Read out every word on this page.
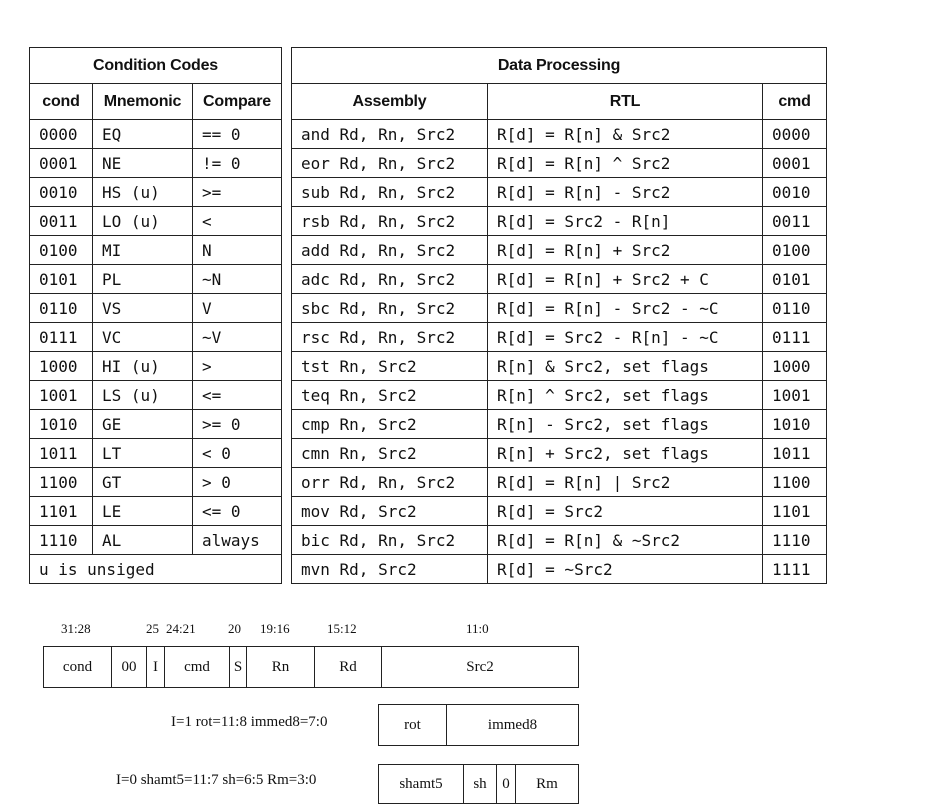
Condition Codes		
cond	Mnemonic	Compare
0000	EQ	== 0
0001	NE	!= 0
0010	HS (u)	>=
0011	LO (u)	<
0100	MI	N
0101	PL	~N
0110	VS	V
0111	VC	~V
1000	HI (u)	>
1001	LS (u)	<=
1010	GE	>= 0
1011	LT	< 0
1100	GT	> 0
1101	LE	<= 0
1110	AL	always
u is unsiged		
Data Processing		
Assembly	RTL	cmd
and Rd, Rn, Src2	R[d] = R[n] & Src2	0000
eor Rd, Rn, Src2	R[d] = R[n] ^ Src2	0001
sub Rd, Rn, Src2	R[d] = R[n] - Src2	0010
rsb Rd, Rn, Src2	R[d] = Src2 - R[n]	0011
add Rd, Rn, Src2	R[d] = R[n] + Src2	0100
adc Rd, Rn, Src2	R[d] = R[n] + Src2 + C	0101
sbc Rd, Rn, Src2	R[d] = R[n] - Src2 - ~C	0110
rsc Rd, Rn, Src2	R[d] = Src2 - R[n] - ~C	0111
tst Rn, Src2	R[n] & Src2, set flags	1000
teq Rn, Src2	R[n] ^ Src2, set flags	1001
cmp Rn, Src2	R[n] - Src2, set flags	1010
cmn Rn, Src2	R[n] + Src2, set flags	1011
orr Rd, Rn, Src2	R[d] = R[n] | Src2	1100
mov Rd, Src2	R[d] = Src2	1101
bic Rd, Rn, Src2	R[d] = R[n] & ~Src2	1110
mvn Rd, Src2	R[d] = ~Src2	1111
31:28	25 24:21 20 19:16	15:12	11:0
cond	00	I	cmd	S	Rn	Rd	Src2
I=1 rot=11:8 immed8=7:0	rot	immed8
I=0 shamt5=11:7 sh=6:5 Rm=3:0	shamt5	sh	0	Rm
